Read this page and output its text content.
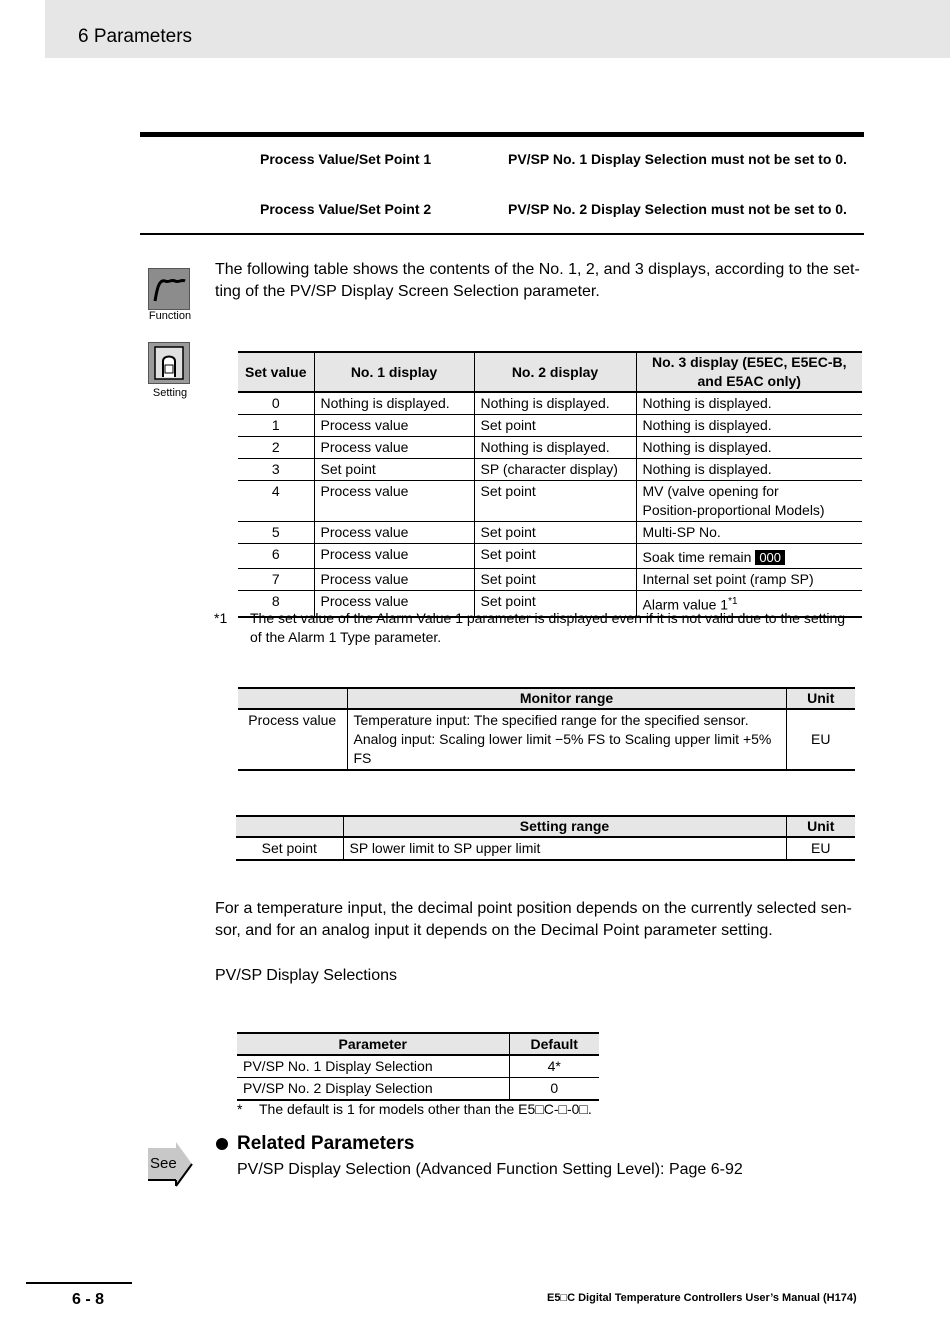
6 Parameters
Process Value/Set Point 1	PV/SP No. 1 Display Selection must not be set to 0.
Process Value/Set Point 2	PV/SP No. 2 Display Selection must not be set to 0.
Function
The following table shows the contents of the No. 1, 2, and 3 displays, according to the set-
ting of the PV/SP Display Screen Selection parameter.
Setting
Set value	No. 1 display	No. 2 display	No. 3 display (E5EC, E5EC-B,
and E5AC only)

0	Nothing is displayed.	Nothing is displayed.	Nothing is displayed.
1	Process value	Set point	Nothing is displayed.
2	Process value	Nothing is displayed.	Nothing is displayed.
3	Set point	SP (character display)	Nothing is displayed.
4	Process value	Set point	MV (valve opening for
Position-proportional Models)

5	Process value	Set point	Multi-SP No.
6	Process value	Set point	Soak time remain 000
7	Process value	Set point	Internal set point (ramp SP)
8	Process value	Set point	Alarm value 1$^{*1}$
*1 The set value of the Alarm Value 1 parameter is displayed even if it is not valid due to the setting
of the Alarm 1 Type parameter.
	Monitor range	Unit
Process value	Temperature input: The specified range for the specified sensor.
Analog input: Scaling lower limit −5% FS to Scaling upper limit +5%
FS	EU
	Setting range	Unit
Set point	SP lower limit to SP upper limit	EU
For a temperature input, the decimal point position depends on the currently selected sen-
sor, and for an analog input it depends on the Decimal Point parameter setting.
PV/SP Display Selections
Parameter	Default
PV/SP No. 1 Display Selection	4*
PV/SP No. 2 Display Selection	0
* The default is 1 for models other than the E5□C-□-0□.
See
Related Parameters
PV/SP Display Selection (Advanced Function Setting Level): Page 6-92
6 - 8	E5□C Digital Temperature Controllers User’s Manual (H174)
